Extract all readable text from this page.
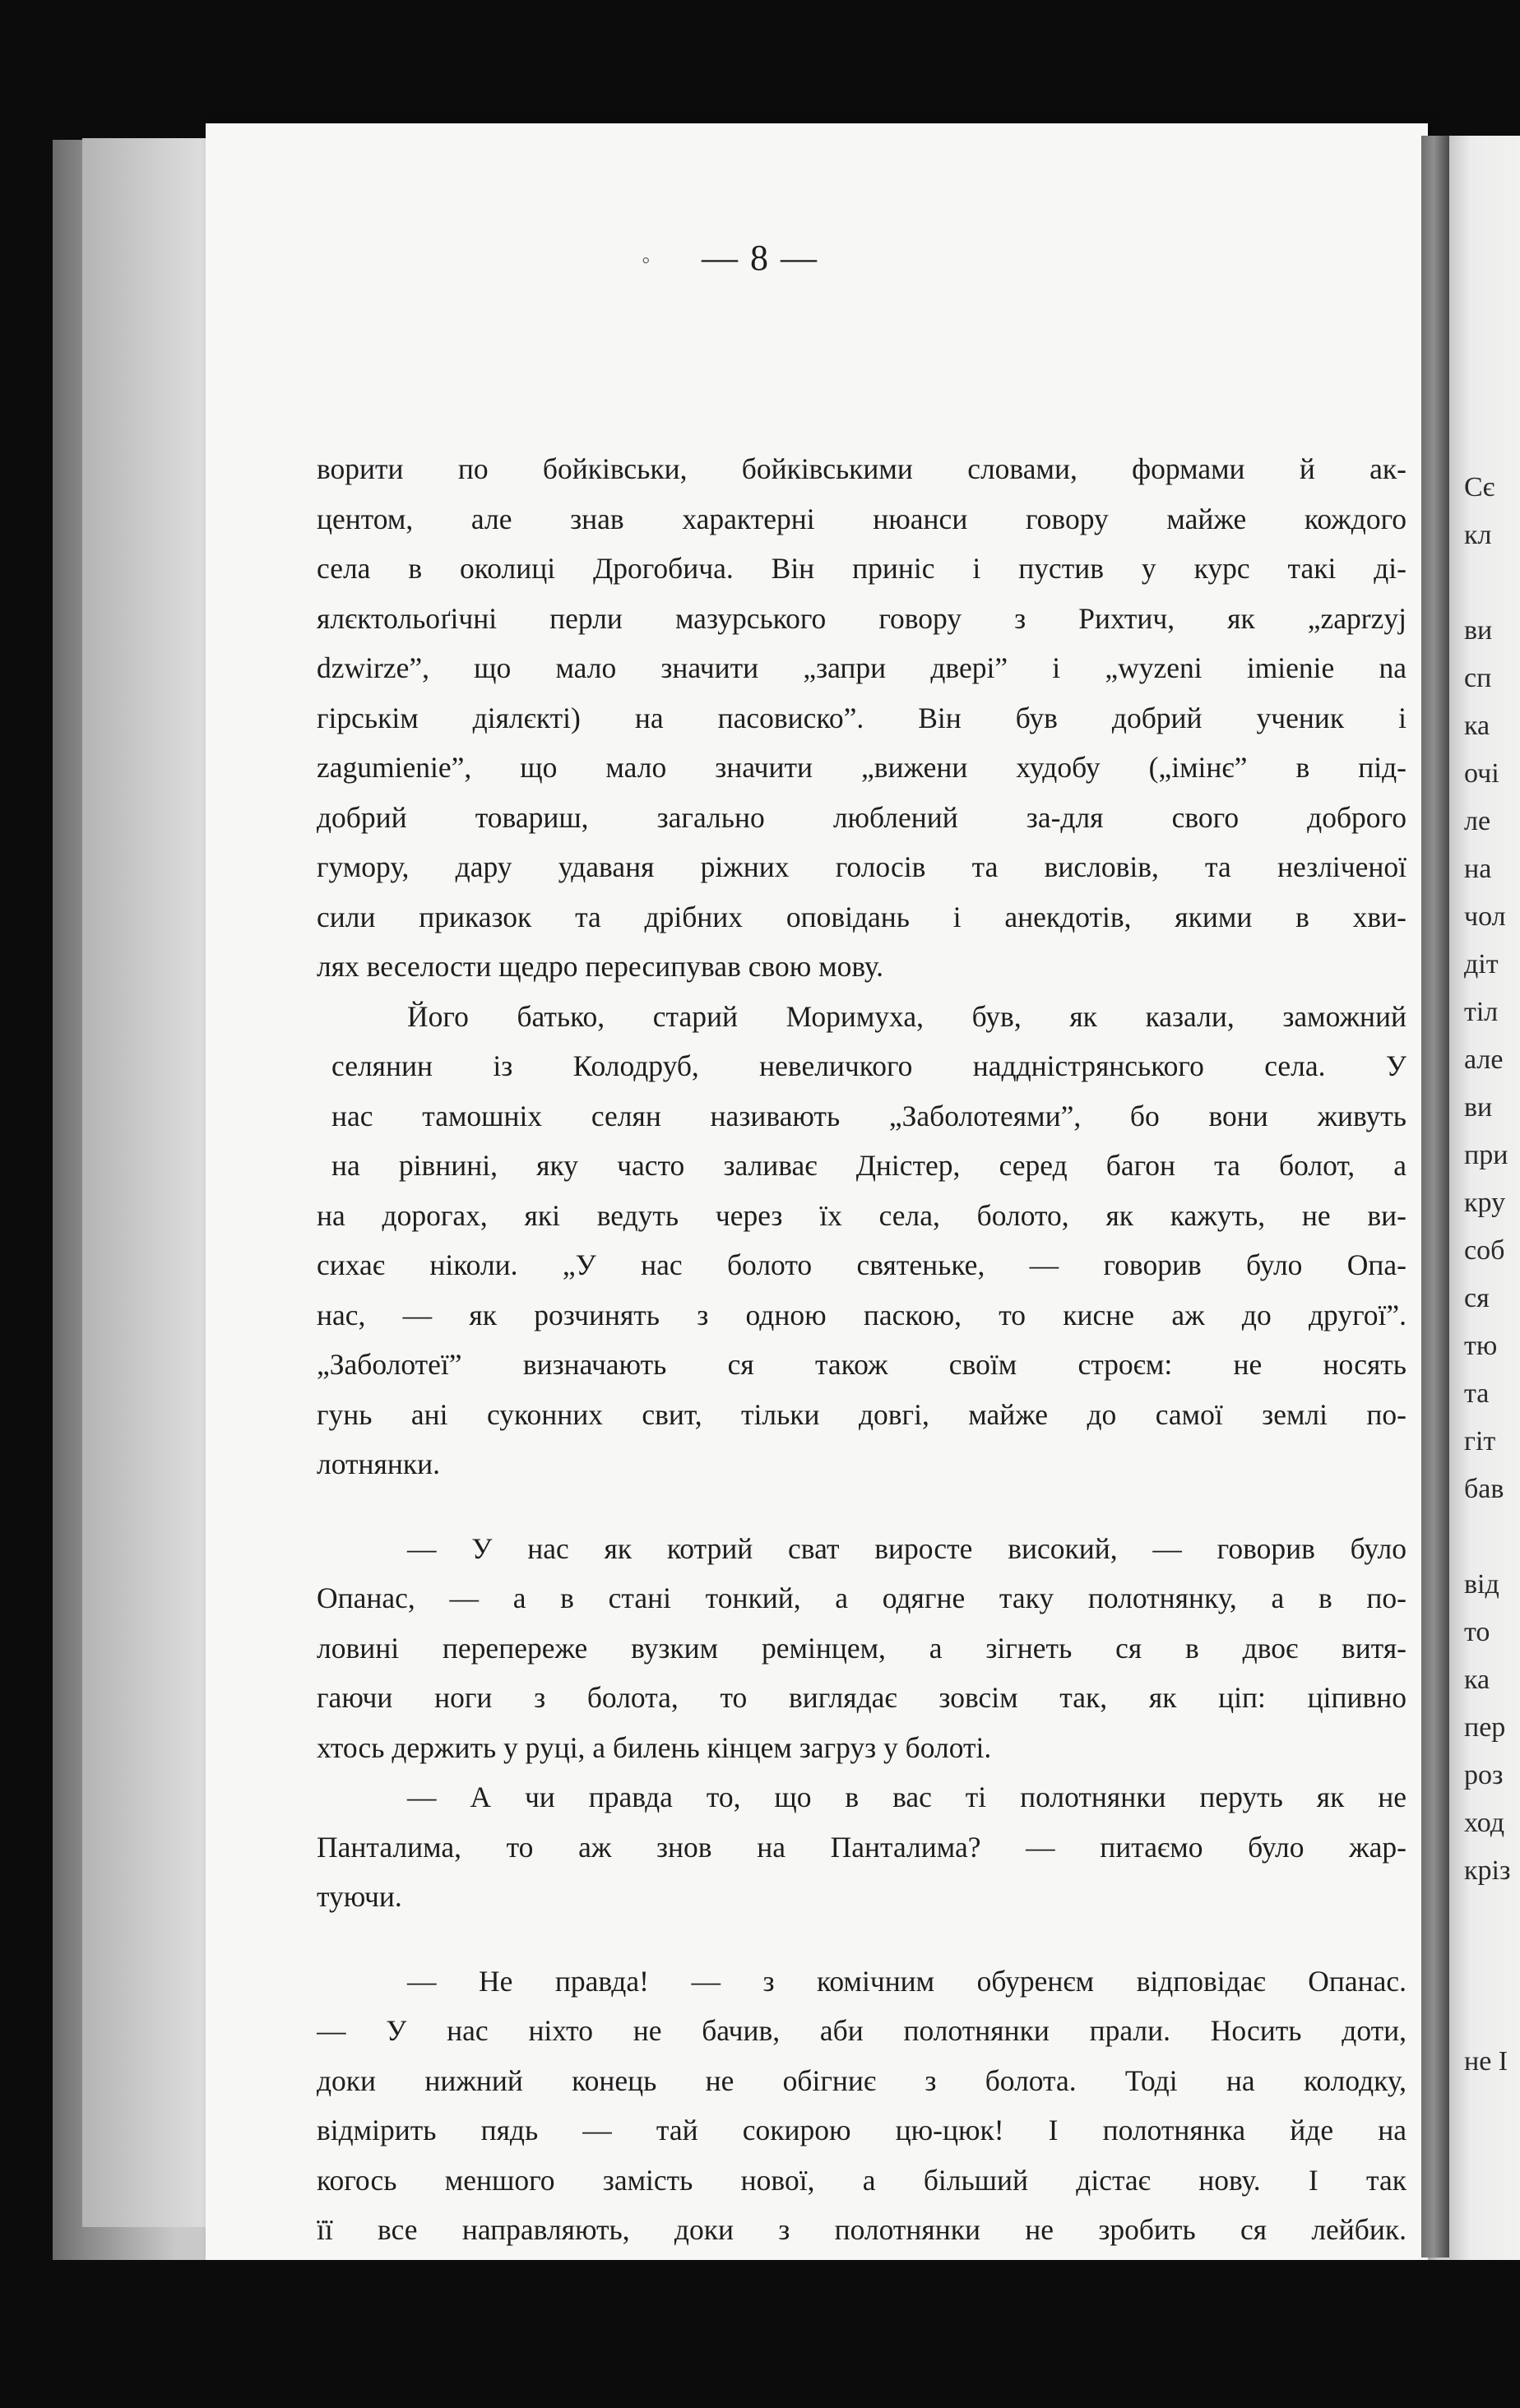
Сє
кл
ви
сп
ка
очі
ле
на
чол
діт
тіл
але
ви
при
кру
соб
ся
тю
та
гіт
бав
від
то
ка
пер
роз
ход
кріз
не І
◦	— 8 —
ворити по бойківськи, бойківськими словами, формами й ак-
центом, але знав характерні нюанси говору майже кождого
села в околиці Дрогобича. Він приніс і пустив у курс такі ді-
ялєктольоґічні перли мазурського говору з Рихтич, як „zaprzyj
dzwirze”, що мало значити „запри двері” і „wyzeni imienie na
гірськім діялєкті) на пасовиско”. Він був добрий ученик і
zagumienie”, що мало значити „вижени худобу („імінє” в під-
добрий товариш, загально люблений за-для свого доброго
гумору, дару удаваня ріжних голосів та висловів, та незліченої
сили приказок та дрібних оповідань і анекдотів, якими в хви-
лях веселости щедро пересипував свою мову.
Його батько, старий Моримуха, був, як казали, заможний
селянин із Колодруб, невеличкого наддністрянського села. У
нас тамошніх селян називають „Заболотеями”, бо вони живуть
на рівнині, яку часто заливає Дністер, серед багон та болот, а
на дорогах, які ведуть через їх села, болото, як кажуть, не ви-
сихає ніколи. „У нас болото святеньке, — говорив було Опа-
нас, — як розчинять з одною паскою, то кисне аж до другої”.
„Заболотеї” визначають ся також своїм строєм: не носять
гунь ані суконних свит, тільки довгі, майже до самої землі по-
лотнянки.
— У нас як котрий сват виросте високий, — говорив було
Опанас, — а в стані тонкий, а одягне таку полотнянку, а в по-
ловині перепереже вузким ремінцем, а зігнеть ся в двоє витя-
гаючи ноги з болота, то виглядає зовсім так, як ціп: ціпивно
хтось держить у руці, а билень кінцем загруз у болоті.
— А чи правда то, що в вас ті полотнянки перуть як не
Панталима, то аж знов на Панталима? — питаємо було жар-
туючи.
— Не правда! — з комічним обуренєм відповідає Опанас.
— У нас ніхто не бачив, аби полотнянки прали. Носить доти,
доки нижний конець не обігниє з болота. Тоді на колодку,
відмірить пядь — тай сокирою цю-цюк! І полотнянка йде на
когось меншого замість нової, а більший дістає нову. І так
її все направляють, доки з полотнянки не зробить ся лейбик.
